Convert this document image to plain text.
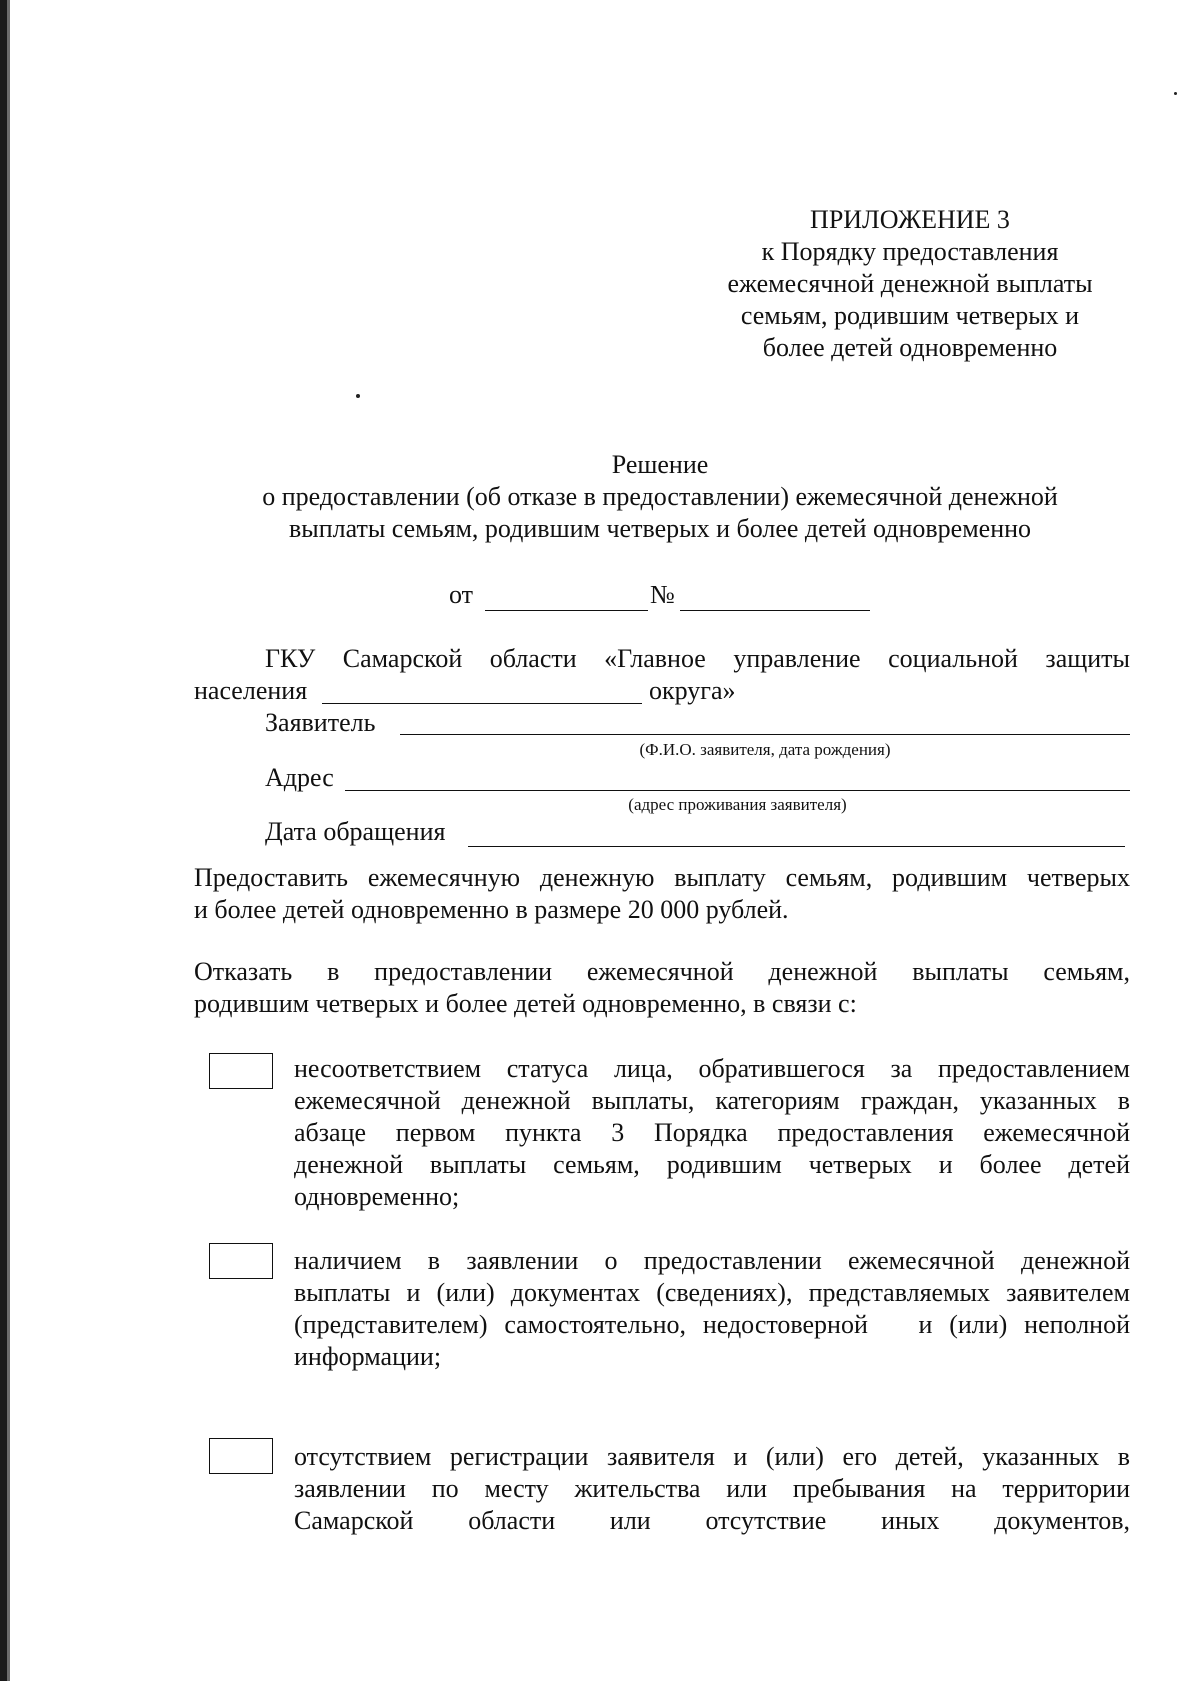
ПРИЛОЖЕНИЕ 3
к Порядку предоставления
ежемесячной денежной выплаты
семьям, родившим четверых и
более детей одновременно
Решение
о предоставлении (об отказе в предоставлении) ежемесячной денежной
выплаты семьям, родившим четверых и более детей одновременно
от	№
ГКУ Самарской области «Главное управление социальной защиты
населения	округа»
Заявитель
(Ф.И.О. заявителя, дата рождения)
Адрес
(адрес проживания заявителя)
Дата обращения
Предоставить ежемесячную денежную выплату семьям, родившим четверых
и более детей одновременно в размере 20 000 рублей.
Отказать в предоставлении ежемесячной денежной выплаты семьям,
родившим четверых и более детей одновременно, в связи с:
несоответствием статуса лица, обратившегося за предоставлением
ежемесячной денежной выплаты, категориям граждан, указанных в
абзаце первом пункта 3 Порядка предоставления ежемесячной
денежной выплаты семьям, родившим четверых и более детей
одновременно;
наличием в заявлении о предоставлении ежемесячной денежной
выплаты и (или) документах (сведениях), представляемых заявителем
(представителем) самостоятельно, недостоверной   и (или) неполной
информации;
отсутствием регистрации заявителя и (или) его детей, указанных в
заявлении по месту жительства или пребывания на территории
Самарской области или отсутствие иных документов,
